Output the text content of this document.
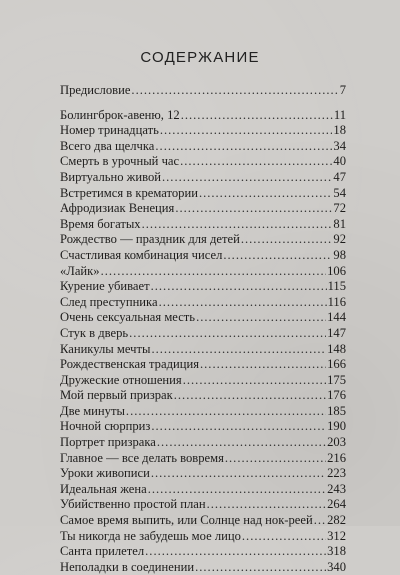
СОДЕРЖАНИЕ
Предисловие .....	7
Болингброк-авеню, 12 .....	11
Номер тринадцать .....	18
Всего два щелчка .....	34
Смерть в урочный час .....	40
Виртуально живой .....	47
Встретимся в крематории .....	54
Афродизиак Венеция .....	72
Время богатых .....	81
Рождество — праздник для детей .....	92
Счастливая комбинация чисел .....	98
«Лайк» .....	106
Курение убивает .....	115
След преступника .....	116
Очень сексуальная месть .....	144
Стук в дверь .....	147
Каникулы мечты .....	148
Рождественская традиция .....	166
Дружеские отношения .....	175
Мой первый призрак .....	176
Две минуты .....	185
Ночной сюрприз .....	190
Портрет призрака .....	203
Главное — все делать вовремя .....	216
Уроки живописи .....	223
Идеальная жена .....	243
Убийственно простой план .....	264
Самое время выпить, или Солнце над нок-реей ..... 282
Ты никогда не забудешь мое лицо .....	312
Санта прилетел .....	318
Неполадки в соединении .....	340
